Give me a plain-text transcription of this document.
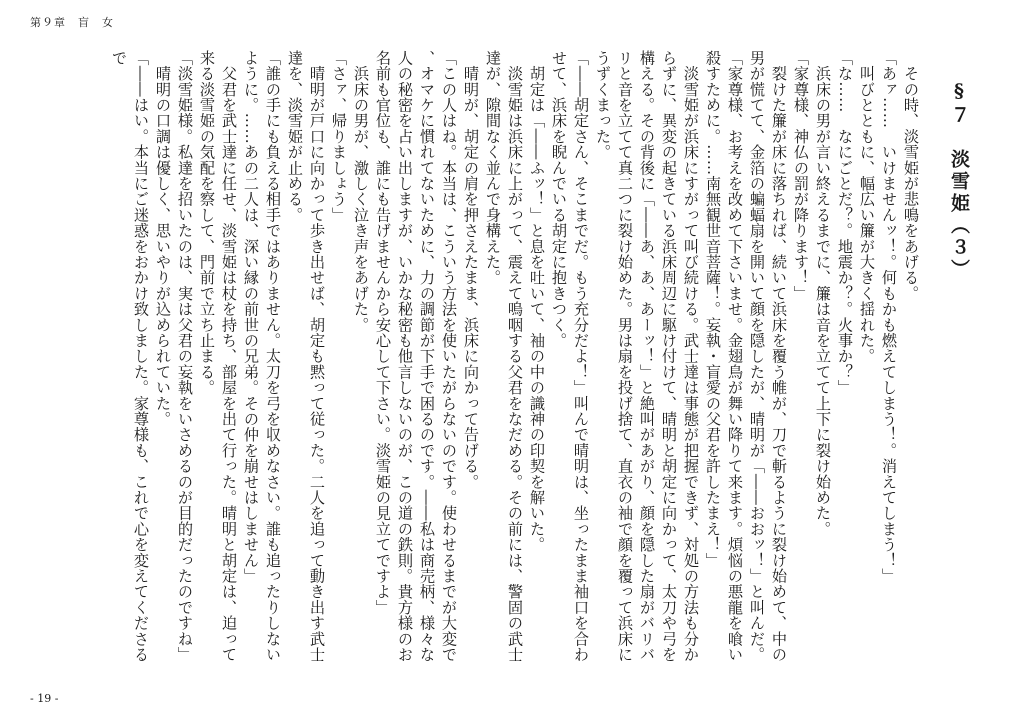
第９章　盲　女

§７　淡雪姫（３）

　その時、淡雪姫が悲鳴をあげる。

「あァ……　いけませんッ！。何もかも燃えてしまう！。消えてしまう！」

　叫びとともに、幅広い簾が大きく揺れた。

「な……　なにごとだ？。地震か？。火事か？」

　浜床の男が言い終えるまでに、簾は音を立てて上下に裂け始めた。

「家尊様、神仏の罰が降ります！」

　裂けた簾が床に落ちれば、続いて浜床を覆う帷が、刀で斬るように裂け始めて、中の男が慌てて、金箔の蝙蝠扇を開いて顔を隠したが、晴明が「――おおッ！」と叫んだ。

「家尊様、お考えを改めて下さいませ。金翅鳥が舞い降りて来ます。煩悩の悪龍を喰い殺すために。……南無観世音菩薩！。妄執・盲愛の父君を許したまえ！」

　淡雪姫が浜床にすがって叫び続ける。武士達は事態が把握できず、対処の方法も分からずに、異変の起きている浜床周辺に駆け付けて、晴明と胡定に向かって、太刀や弓を構える。その背後に「――あ、あ、あーッ！」と絶叫があがり、顔を隠した扇がバリバリと音を立てて真二つに裂け始めた。男は扇を投げ捨て、直衣の袖で顔を覆って浜床にうずくまった。

「――胡定さん、そこまでだ。もう充分だよ！」叫んで晴明は、坐ったまま袖口を合わせて、浜床を睨んでいる胡定に抱きつく。

　胡定は「――ふッ！」と息を吐いて、袖の中の識神の印契を解いた。

　淡雪姫は浜床に上がって、震えて嗚咽する父君をなだめる。その前には、警固の武士達が、隙間なく並んで身構えた。

　晴明が、胡定の肩を押さえたまま、浜床に向かって告げる。

「この人はね。本当は、こういう方法を使いたがらないのです。使わせるまでが大変で、オマケに慣れてないために、力の調節が下手で困るのです。――私は商売柄、様々な人の秘密を占い出しますが、いかな秘密も他言しないのが、この道の鉄則。貴方様のお名前も官位も、誰にも告げませんから安心して下さい。淡雪姫の見立てですよ」

　浜床の男が、激しく泣き声をあげた。

「さァ、帰りましょう」

　晴明が戸口に向かって歩き出せば、胡定も黙って従った。二人を追って動き出す武士達を、淡雪姫が止める。

「誰の手にも負える相手ではありません。太刀を弓を収めなさい。誰も追ったりしないように。……あの二人は、深い縁の前世の兄弟。その仲を崩せはしません」

　父君を武士達に任せ、淡雪姫は杖を持ち、部屋を出て行った。晴明と胡定は、迫って来る淡雪姫の気配を察して、門前で立ち止まる。

「淡雪姫様。私達を招いたのは、実は父君の妄執をいさめるのが目的だったのですね」

　晴明の口調は優しく、思いやりが込められていた。

「――はい。本当にご迷惑をおかけ致しました。家尊様も、これで心を変えてくださるで

- 19 -
